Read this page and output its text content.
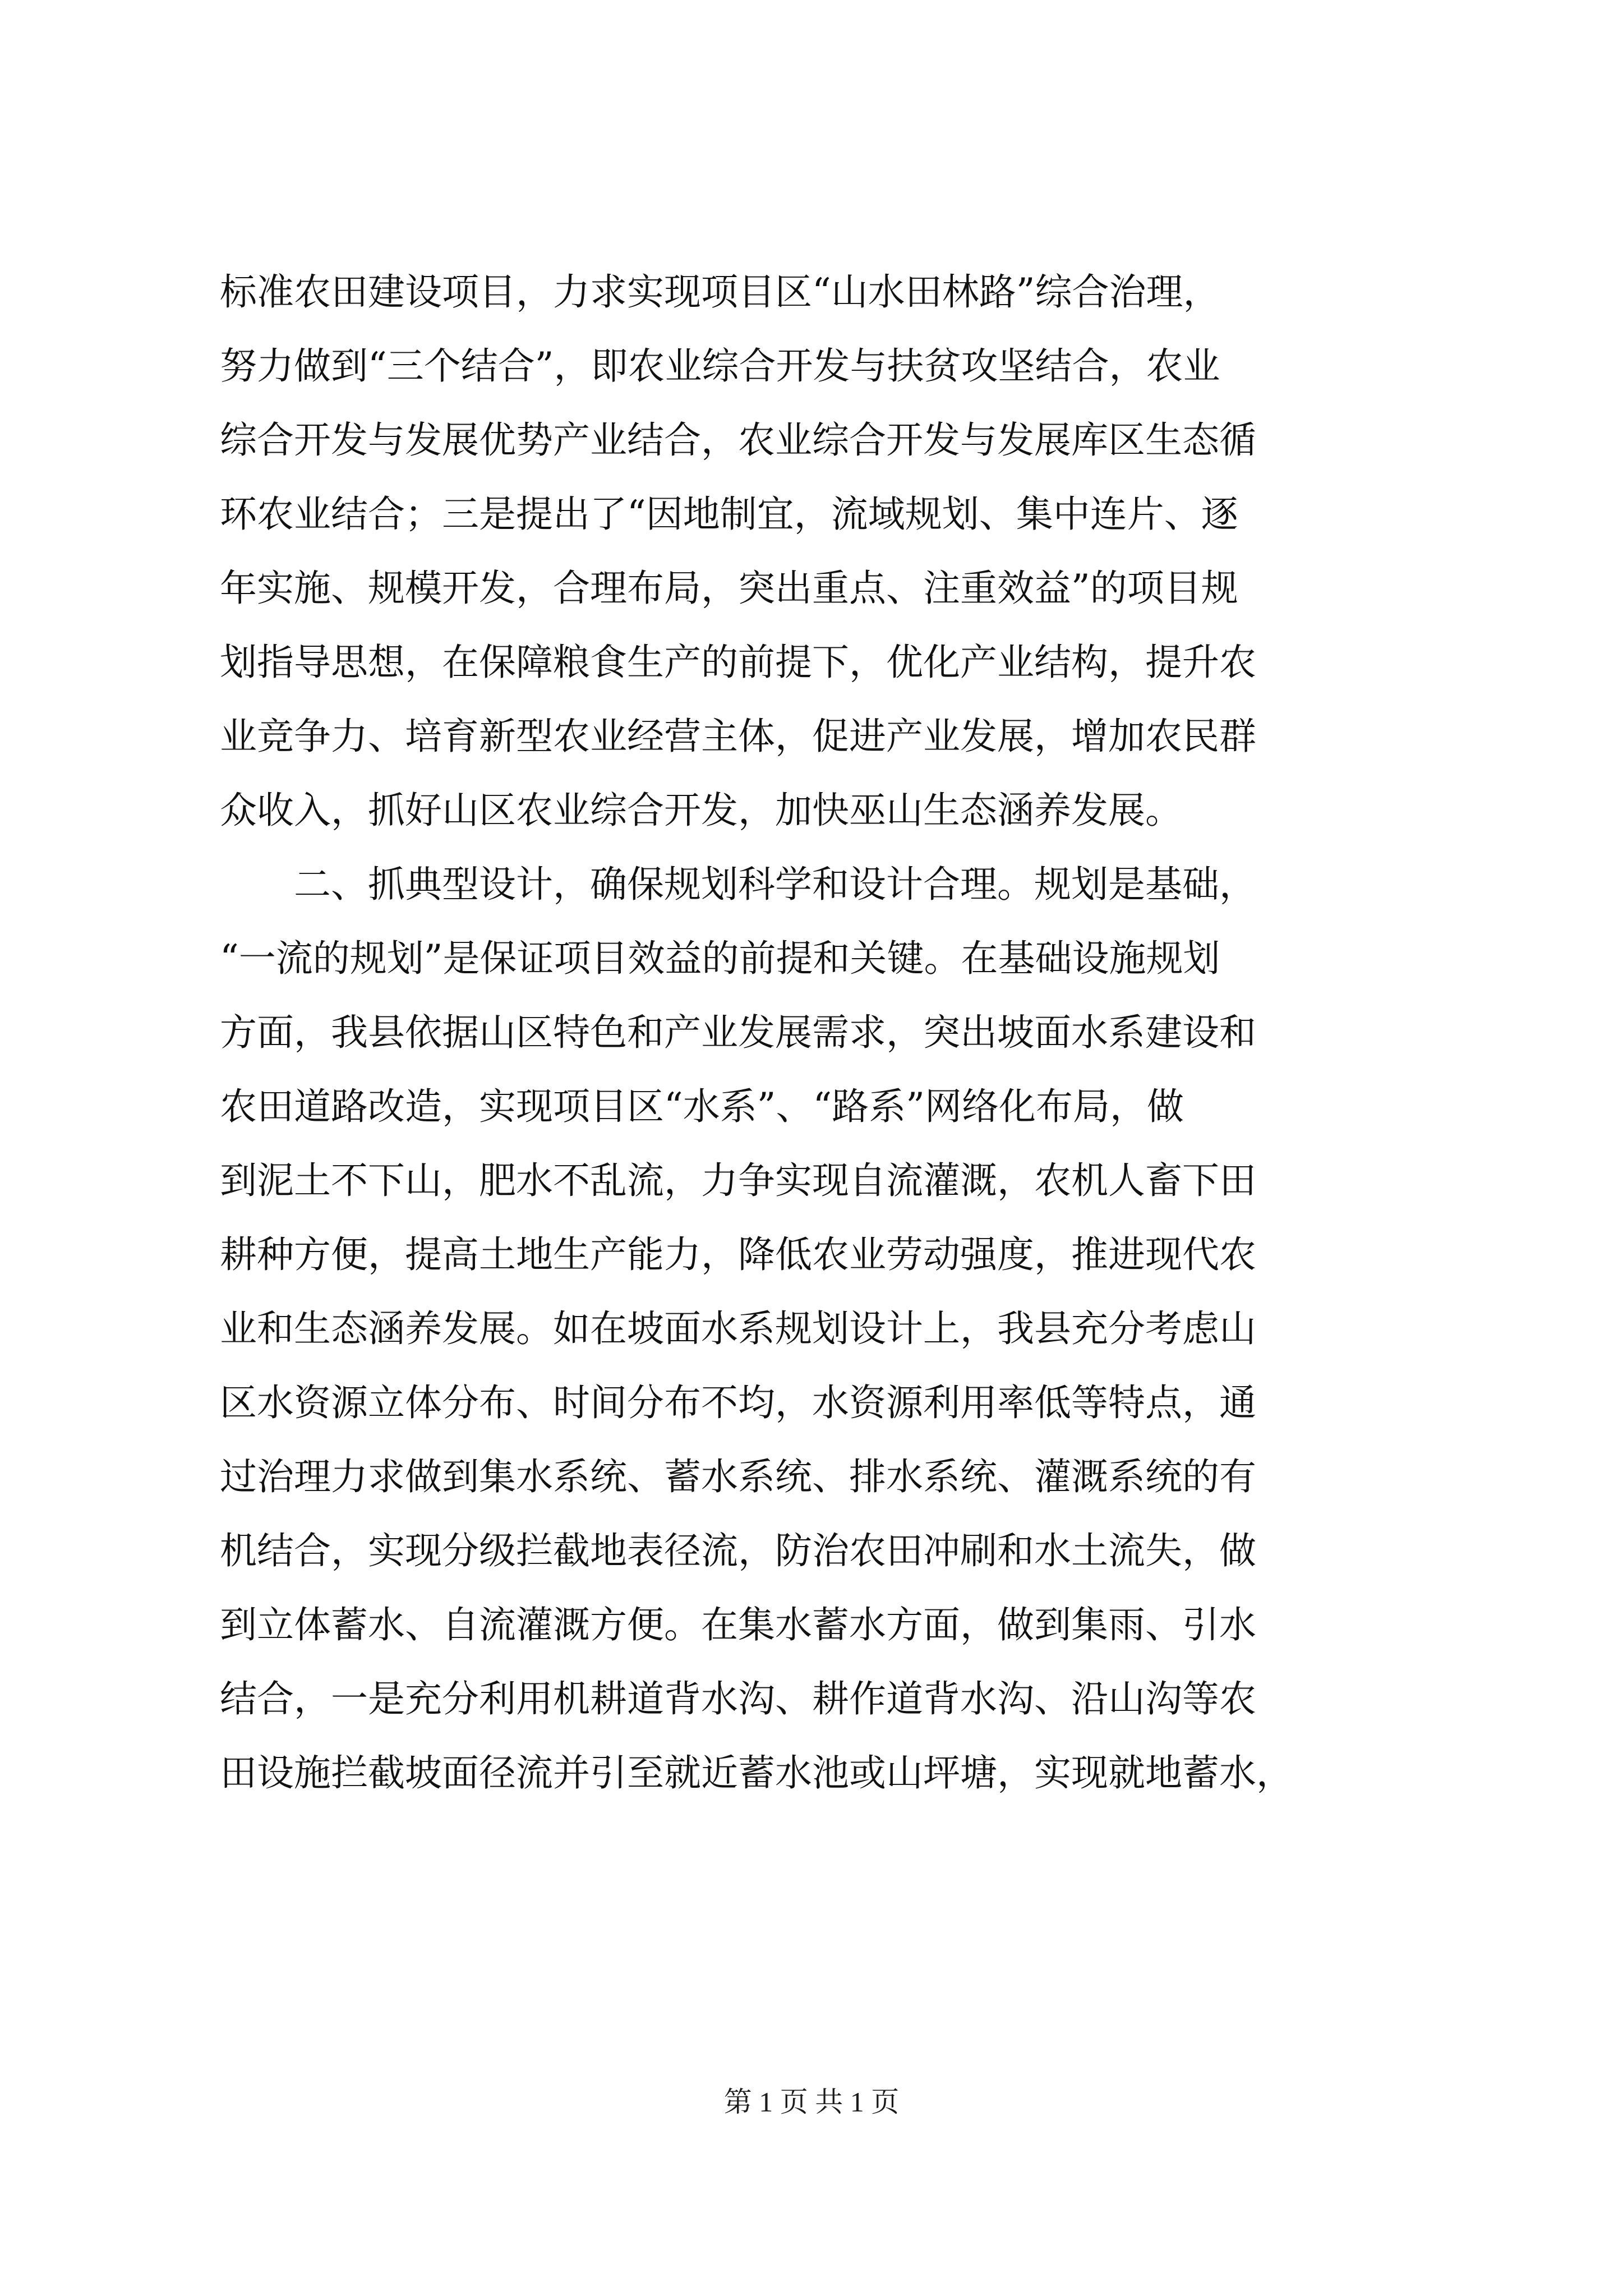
标准农田建设项目，力求实现项目区“山水田林路”综合治理，
努力做到“三个结合”，即农业综合开发与扶贫攻坚结合，农业
综合开发与发展优势产业结合，农业综合开发与发展库区生态循
环农业结合；三是提出了“因地制宜，流域规划、集中连片、逐
年实施、规模开发，合理布局，突出重点、注重效益”的项目规
划指导思想，在保障粮食生产的前提下，优化产业结构，提升农
业竞争力、培育新型农业经营主体，促进产业发展，增加农民群
众收入，抓好山区农业综合开发，加快巫山生态涵养发展。
　　二、抓典型设计，确保规划科学和设计合理。规划是基础，
“一流的规划”是保证项目效益的前提和关键。在基础设施规划
方面，我县依据山区特色和产业发展需求，突出坡面水系建设和
农田道路改造，实现项目区“水系”、“路系”网络化布局，做
到泥土不下山，肥水不乱流，力争实现自流灌溉，农机人畜下田
耕种方便，提高土地生产能力，降低农业劳动强度，推进现代农
业和生态涵养发展。如在坡面水系规划设计上，我县充分考虑山
区水资源立体分布、时间分布不均，水资源利用率低等特点，通
过治理力求做到集水系统、蓄水系统、排水系统、灌溉系统的有
机结合，实现分级拦截地表径流，防治农田冲刷和水土流失，做
到立体蓄水、自流灌溉方便。在集水蓄水方面，做到集雨、引水
结合，一是充分利用机耕道背水沟、耕作道背水沟、沿山沟等农
田设施拦截坡面径流并引至就近蓄水池或山坪塘，实现就地蓄水，
第 1 页 共 1 页
